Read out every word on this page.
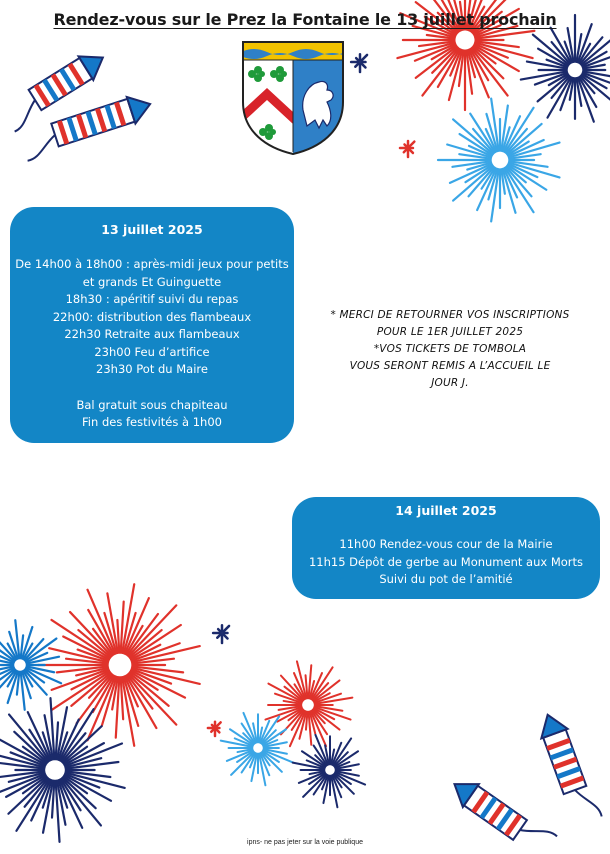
Rendez-vous sur le Prez la Fontaine le 13 juillet prochain
13 juillet 2025
De 14h00 à 18h00 : après-midi jeux pour petits
et grands Et Guinguette
18h30 : apéritif suivi du repas
22h00: distribution des flambeaux
22h30 Retraite aux flambeaux
23h00 Feu d’artifice
23h30 Pot du Maire
Bal gratuit sous chapiteau
Fin des festivités à 1h00
* MERCI DE RETOURNER VOS INSCRIPTIONS
POUR LE 1ER JUILLET 2025
*VOS TICKETS DE TOMBOLA
VOUS SERONT REMIS A L’ACCUEIL LE
JOUR J.
14 juillet 2025
11h00 Rendez-vous cour de la Mairie
11h15 Dépôt de gerbe au Monument aux Morts
Suivi du pot de l’amitié
ipns- ne pas jeter sur la voie publique
